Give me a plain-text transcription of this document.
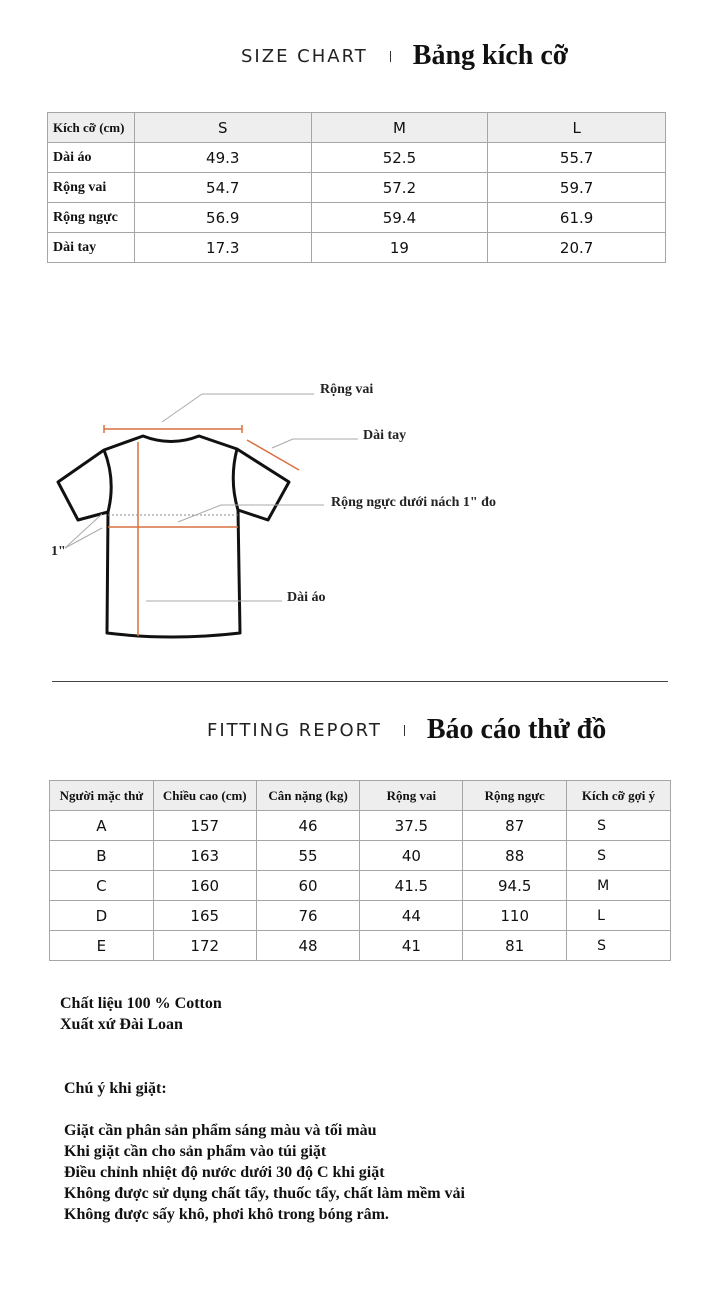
SIZE CHART Bảng kích cỡ
Kích cỡ (cm)	S	M	L
Dài áo	49.3	52.5	55.7
Rộng vai	54.7	57.2	59.7
Rộng ngực	56.9	59.4	61.9
Dài tay	17.3	19	20.7
Rộng vai
Dài tay
Rộng ngực dưới nách 1" đo
1"
Dài áo
FITTING REPORT Báo cáo thử đồ
Người mặc thử	Chiều cao (cm)	Cân nặng (kg)	Rộng vai	Rộng ngực	Kích cỡ gợi ý
A	157	46	37.5	87	S
B	163	55	40	88	S
C	160	60	41.5	94.5	M
D	165	76	44	110	L
E	172	48	41	81	S

Chất liệu 100 % Cotton

Xuất xứ Đài Loan

Chú ý khi giặt:

Giặt cần phân sản phẩm sáng màu và tối màu

Khi giặt cần cho sản phẩm vào túi giặt

Điều chỉnh nhiệt độ nước dưới 30 độ C khi giặt

Không được sử dụng chất tẩy, thuốc tẩy, chất làm mềm vải

Không được sấy khô, phơi khô trong bóng râm.
